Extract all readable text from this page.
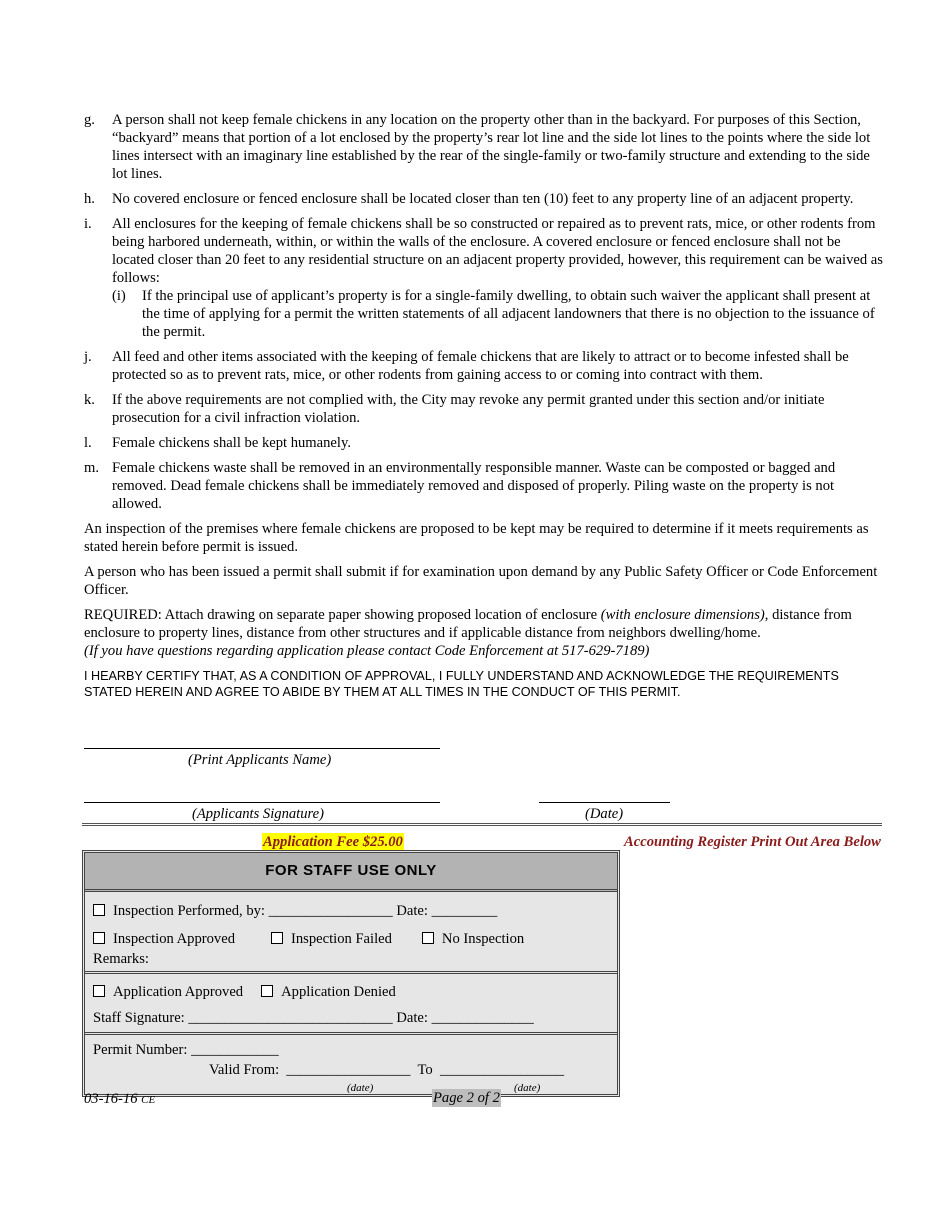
g. A person shall not keep female chickens in any location on the property other than in the backyard. For purposes of this Section, “backyard” means that portion of a lot enclosed by the property’s rear lot line and the side lot lines to the points where the side lot lines intersect with an imaginary line established by the rear of the single-family or two-family structure and extending to the side lot lines.
h. No covered enclosure or fenced enclosure shall be located closer than ten (10) feet to any property line of an adjacent property.
i. All enclosures for the keeping of female chickens shall be so constructed or repaired as to prevent rats, mice, or other rodents from being harbored underneath, within, or within the walls of the enclosure. A covered enclosure or fenced enclosure shall not be located closer than 20 feet to any residential structure on an adjacent property provided, however, this requirement can be waived as follows:
(i) If the principal use of applicant’s property is for a single-family dwelling, to obtain such waiver the applicant shall present at the time of applying for a permit the written statements of all adjacent landowners that there is no objection to the issuance of the permit.
j. All feed and other items associated with the keeping of female chickens that are likely to attract or to become infested shall be protected so as to prevent rats, mice, or other rodents from gaining access to or coming into contract with them.
k. If the above requirements are not complied with, the City may revoke any permit granted under this section and/or initiate prosecution for a civil infraction violation.
l. Female chickens shall be kept humanely.
m. Female chickens waste shall be removed in an environmentally responsible manner. Waste can be composted or bagged and removed. Dead female chickens shall be immediately removed and disposed of properly. Piling waste on the property is not allowed.
An inspection of the premises where female chickens are proposed to be kept may be required to determine if it meets requirements as stated herein before permit is issued.
A person who has been issued a permit shall submit if for examination upon demand by any Public Safety Officer or Code Enforcement Officer.
REQUIRED: Attach drawing on separate paper showing proposed location of enclosure (with enclosure dimensions), distance from enclosure to property lines, distance from other structures and if applicable distance from neighbors dwelling/home.
(If you have questions regarding application please contact Code Enforcement at 517-629-7189)
I HEARBY CERTIFY THAT, AS A CONDITION OF APPROVAL, I FULLY UNDERSTAND AND ACKNOWLEDGE THE REQUIREMENTS STATED HEREIN AND AGREE TO ABIDE BY THEM AT ALL TIMES IN THE CONDUCT OF THIS PERMIT.
(Print Applicants Name)
(Applicants Signature)	(Date)
Application Fee $25.00	Accounting Register Print Out Area Below
FOR STAFF USE ONLY
Inspection Performed, by: _________________ Date: _________
Inspection Approved	Inspection Failed	No Inspection
Remarks:
Application Approved	Application Denied
Staff Signature: ____________________________ Date: ______________
Permit Number: ____________
Valid From:  _________________  To  _________________
(date)	(date)
03-16-16 CE	Page 2 of 2
